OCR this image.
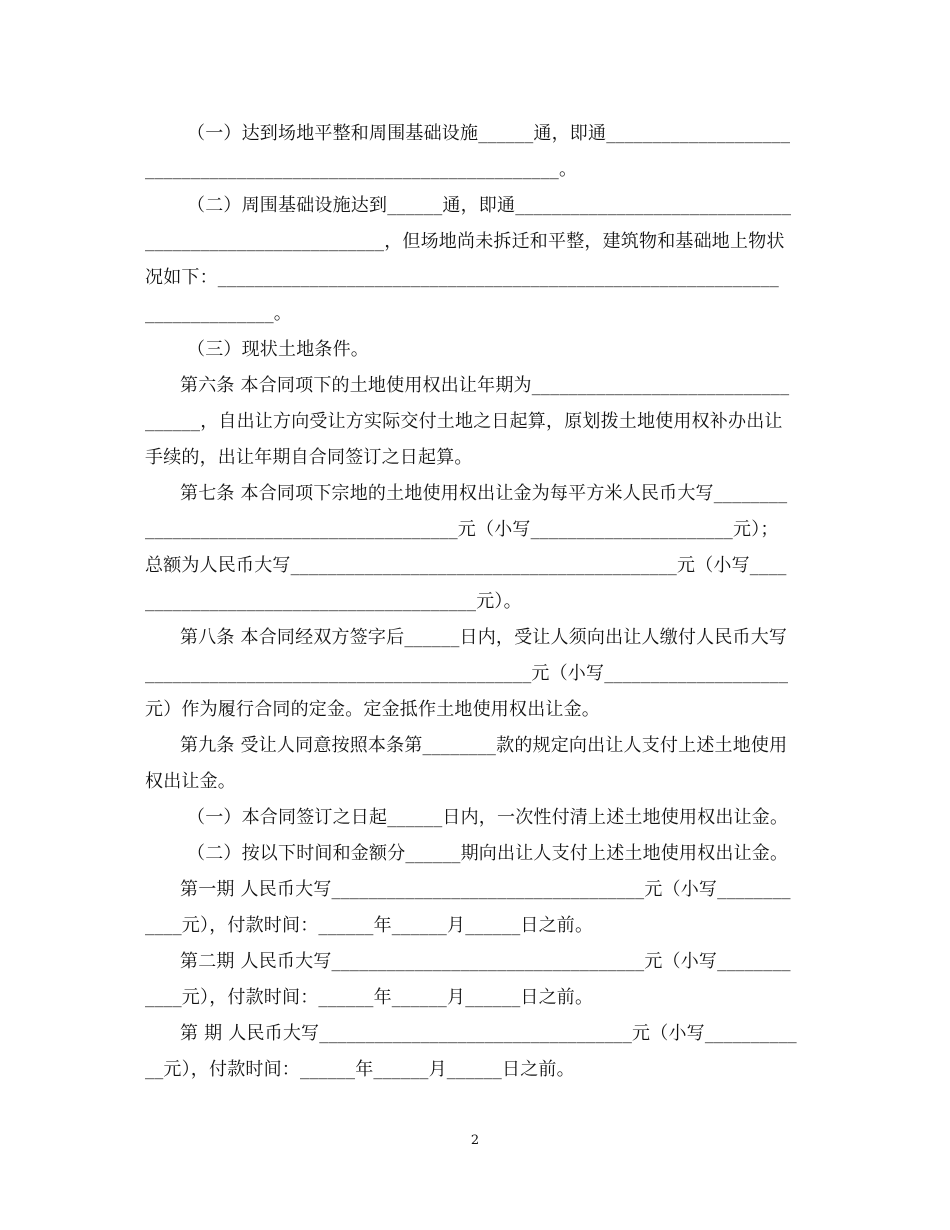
（一）达到场地平整和周围基础设施______通，即通____________________
_____________________________________________。
（二）周围基础设施达到______通，即通______________________________
__________________________，但场地尚未拆迁和平整，建筑物和基础地上物状
况如下：_____________________________________________________________
______________。
（三）现状土地条件。
第六条 本合同项下的土地使用权出让年期为____________________________
______，自出让方向受让方实际交付土地之日起算，原划拨土地使用权补办出让
手续的，出让年期自合同签订之日起算。
第七条 本合同项下宗地的土地使用权出让金为每平方米人民币大写________
__________________________________元（小写______________________元）；
总额为人民币大写__________________________________________元（小写____
____________________________________元）。
第八条 本合同经双方签字后______日内，受让人须向出让人缴付人民币大写
__________________________________________元（小写____________________
元）作为履行合同的定金。定金抵作土地使用权出让金。
第九条 受让人同意按照本条第________款的规定向出让人支付上述土地使用
权出让金。
（一）本合同签订之日起______日内，一次性付清上述土地使用权出让金。
（二）按以下时间和金额分______期向出让人支付上述土地使用权出让金。
第一期 人民币大写__________________________________元（小写________
____元），付款时间：______年______月______日之前。
第二期 人民币大写__________________________________元（小写________
____元），付款时间：______年______月______日之前。
第 期 人民币大写__________________________________元（小写__________
__元），付款时间：______年______月______日之前。
2
